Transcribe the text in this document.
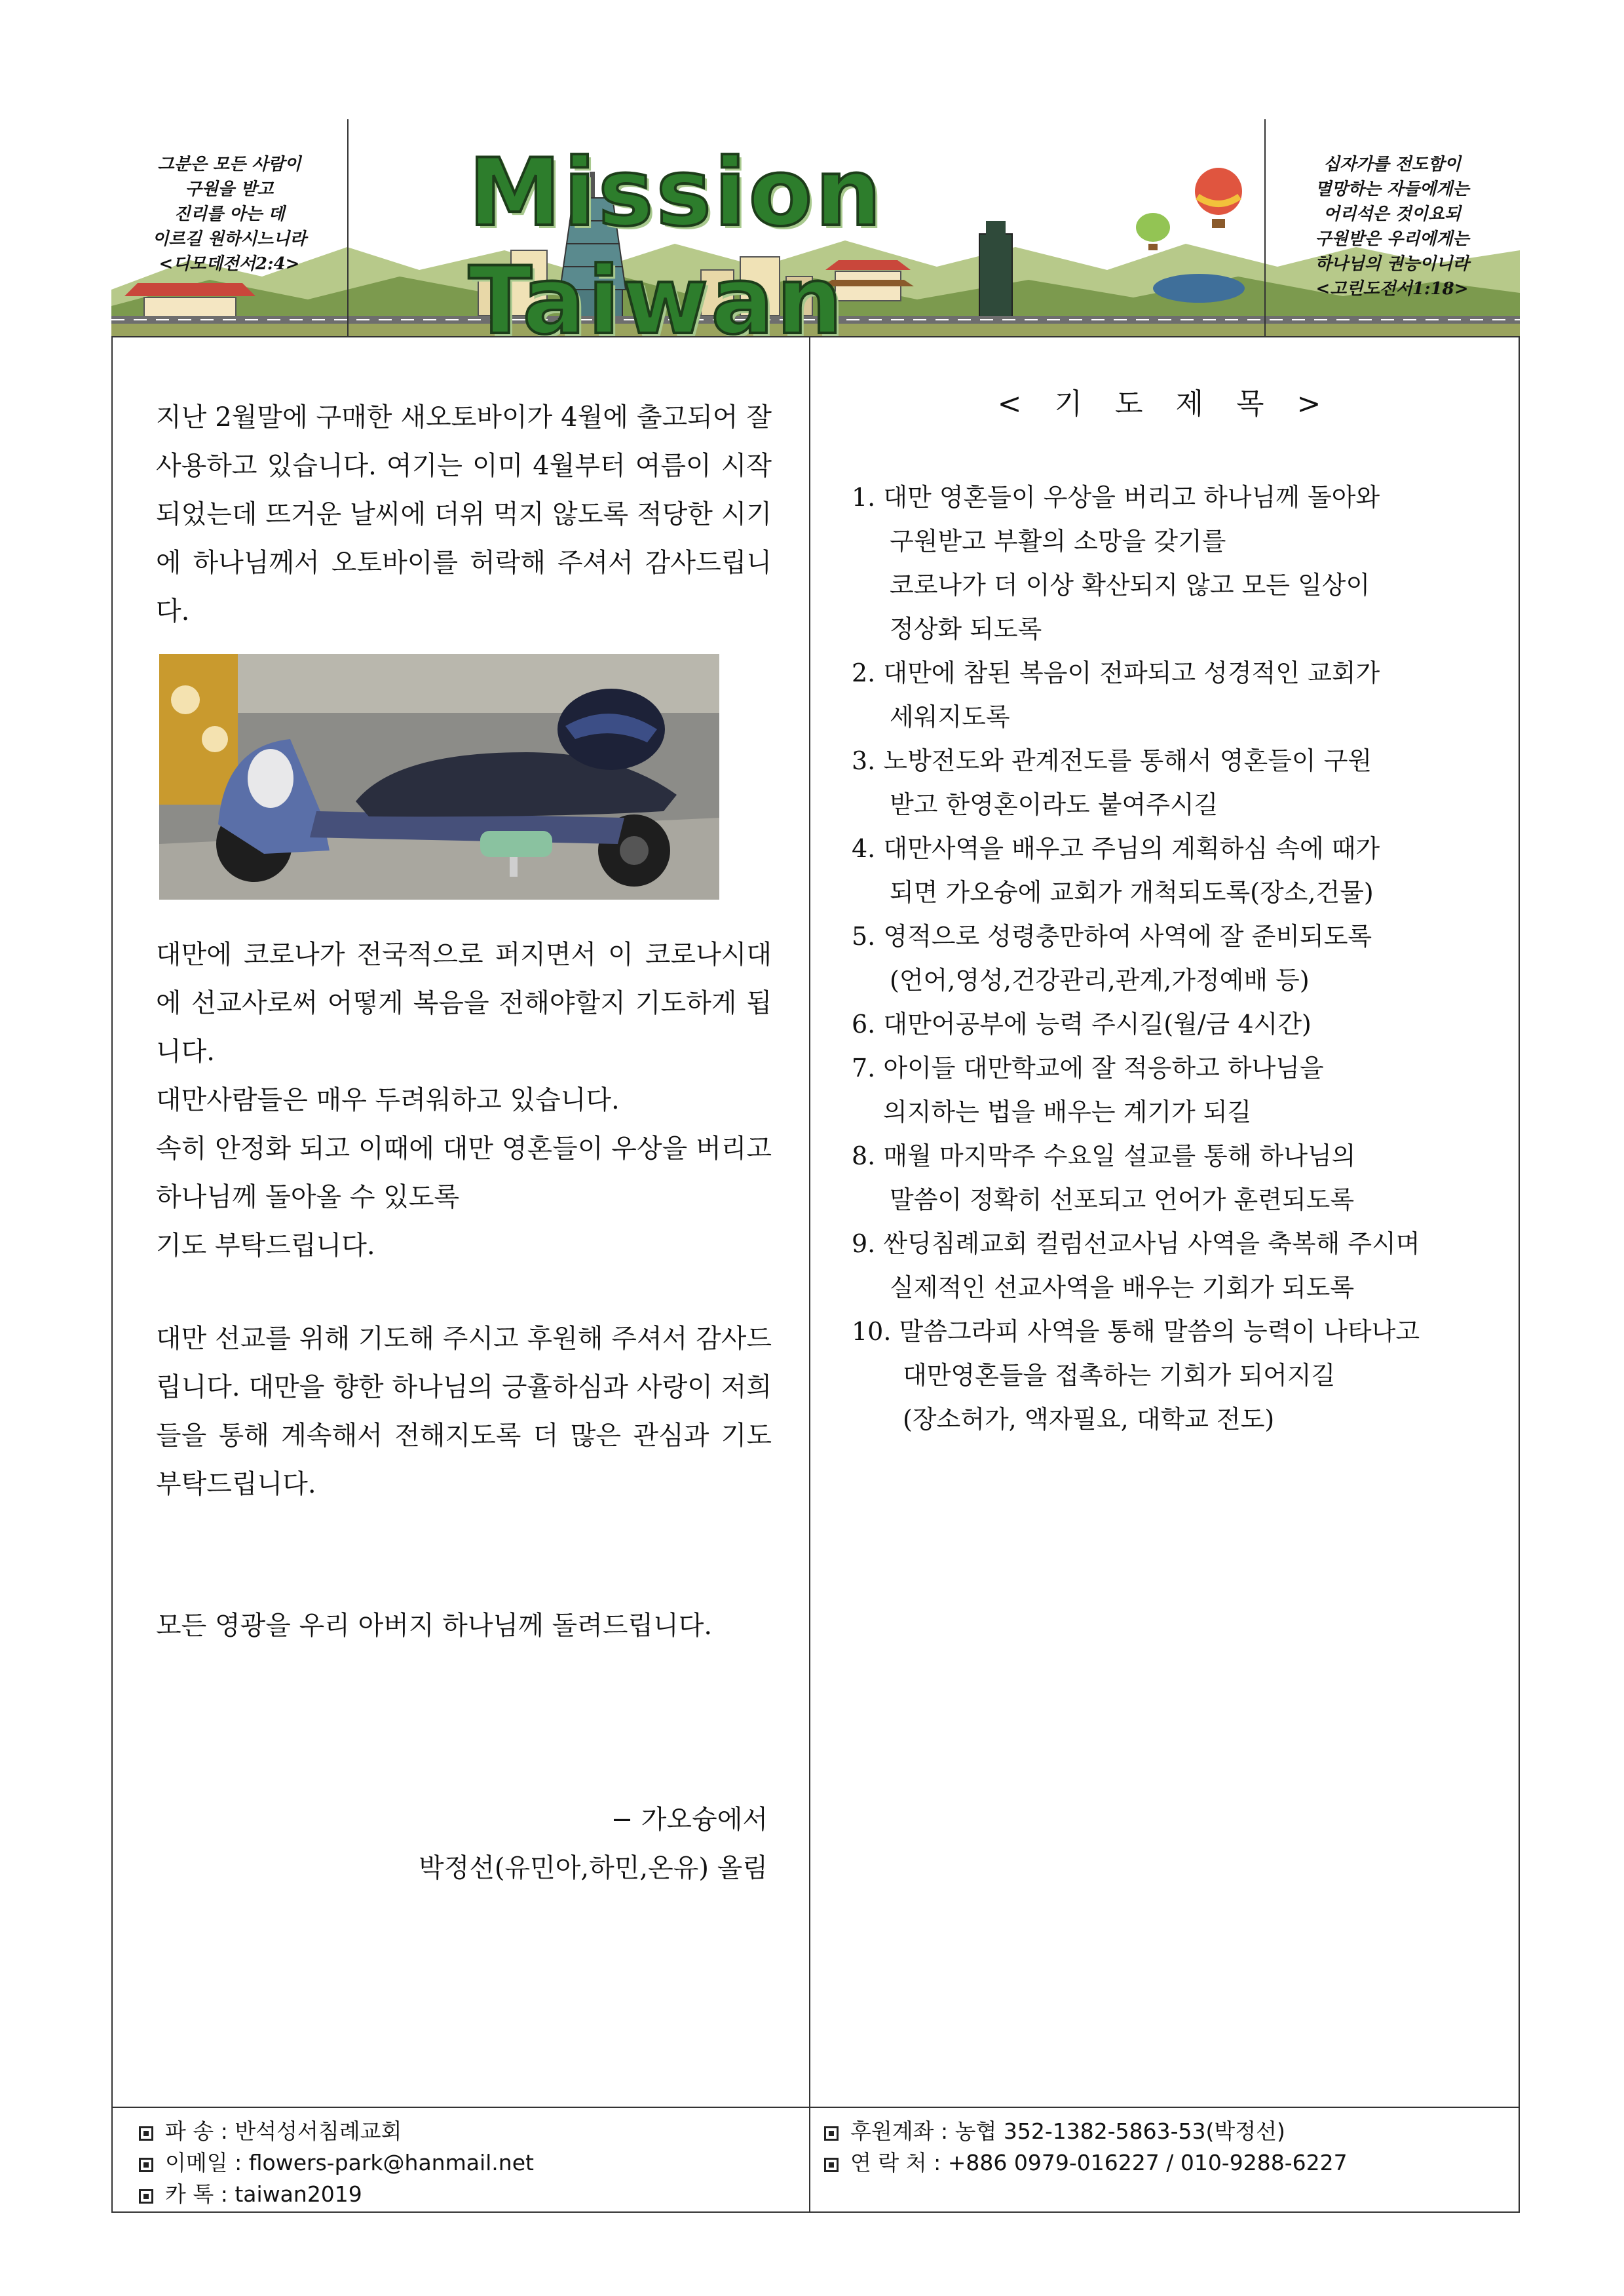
그분은 모든 사람이
구원을 받고
진리를 아는 데
이르길 원하시느니라
<디모데전서2:4>
Mission Taiwan
십자가를 전도함이
멸망하는 자들에게는
어리석은 것이요되
구원받은 우리에게는
하나님의 권능이니라
<고린도전서1:18>

지난 2월말에 구매한 새오토바이가 4월에 출고되어 잘 사용하고 있습니다. 여기는 이미 4월부터 여름이 시작되었는데 뜨거운 날씨에 더위 먹지 않도록 적당한 시기에 하나님께서 오토바이를 허락해 주셔서 감사드립니다.

대만에 코로나가 전국적으로 퍼지면서 이 코로나시대에 선교사로써 어떻게 복음을 전해야할지 기도하게 됩니다.

대만사람들은 매우 두려워하고 있습니다.

속히 안정화 되고 이때에 대만 영혼들이 우상을 버리고 하나님께 돌아올 수 있도록

기도 부탁드립니다.

대만 선교를 위해 기도해 주시고 후원해 주셔서 감사드립니다. 대만을 향한 하나님의 긍휼하심과 사랑이 저희들을 통해 계속해서 전해지도록 더 많은 관심과 기도 부탁드립니다.

모든 영광을 우리 아버지 하나님께 돌려드립니다.

− 가오슝에서
박정선(유민아,하민,온유) 올림
< 기 도 제 목 >

1. 대만 영혼들이 우상을 버리고 하나님께 돌아와

구원받고 부활의 소망을 갖기를

코로나가 더 이상 확산되지 않고 모든 일상이

정상화 되도록

2. 대만에 참된 복음이 전파되고 성경적인 교회가

세워지도록

3. 노방전도와 관계전도를 통해서 영혼들이 구원

받고 한영혼이라도 붙여주시길

4. 대만사역을 배우고 주님의 계획하심 속에 때가

되면 가오슝에 교회가 개척되도록(장소,건물)

5. 영적으로 성령충만하여 사역에 잘 준비되도록

(언어,영성,건강관리,관계,가정예배 등)

6. 대만어공부에 능력 주시길(월/금 4시간)

7. 아이들 대만학교에 잘 적응하고 하나님을

의지하는 법을 배우는 계기가 되길

8. 매월 마지막주 수요일 설교를 통해 하나님의

말씀이 정확히 선포되고 언어가 훈련되도록

9. 싼딩침례교회 컬럼선교사님 사역을 축복해 주시며

실제적인 선교사역을 배우는 기회가 되도록

10. 말씀그라피 사역을 통해 말씀의 능력이 나타나고

대만영혼들을 접촉하는 기회가 되어지길

(장소허가, 액자필요, 대학교 전도)

파 송 : 반석성서침례교회
이메일 : flowers-park@hanmail.net
카 톡 : taiwan2019
후원계좌 : 농협 352-1382-5863-53(박정선)
연 락 처 : +886 0979-016227 / 010-9288-6227
